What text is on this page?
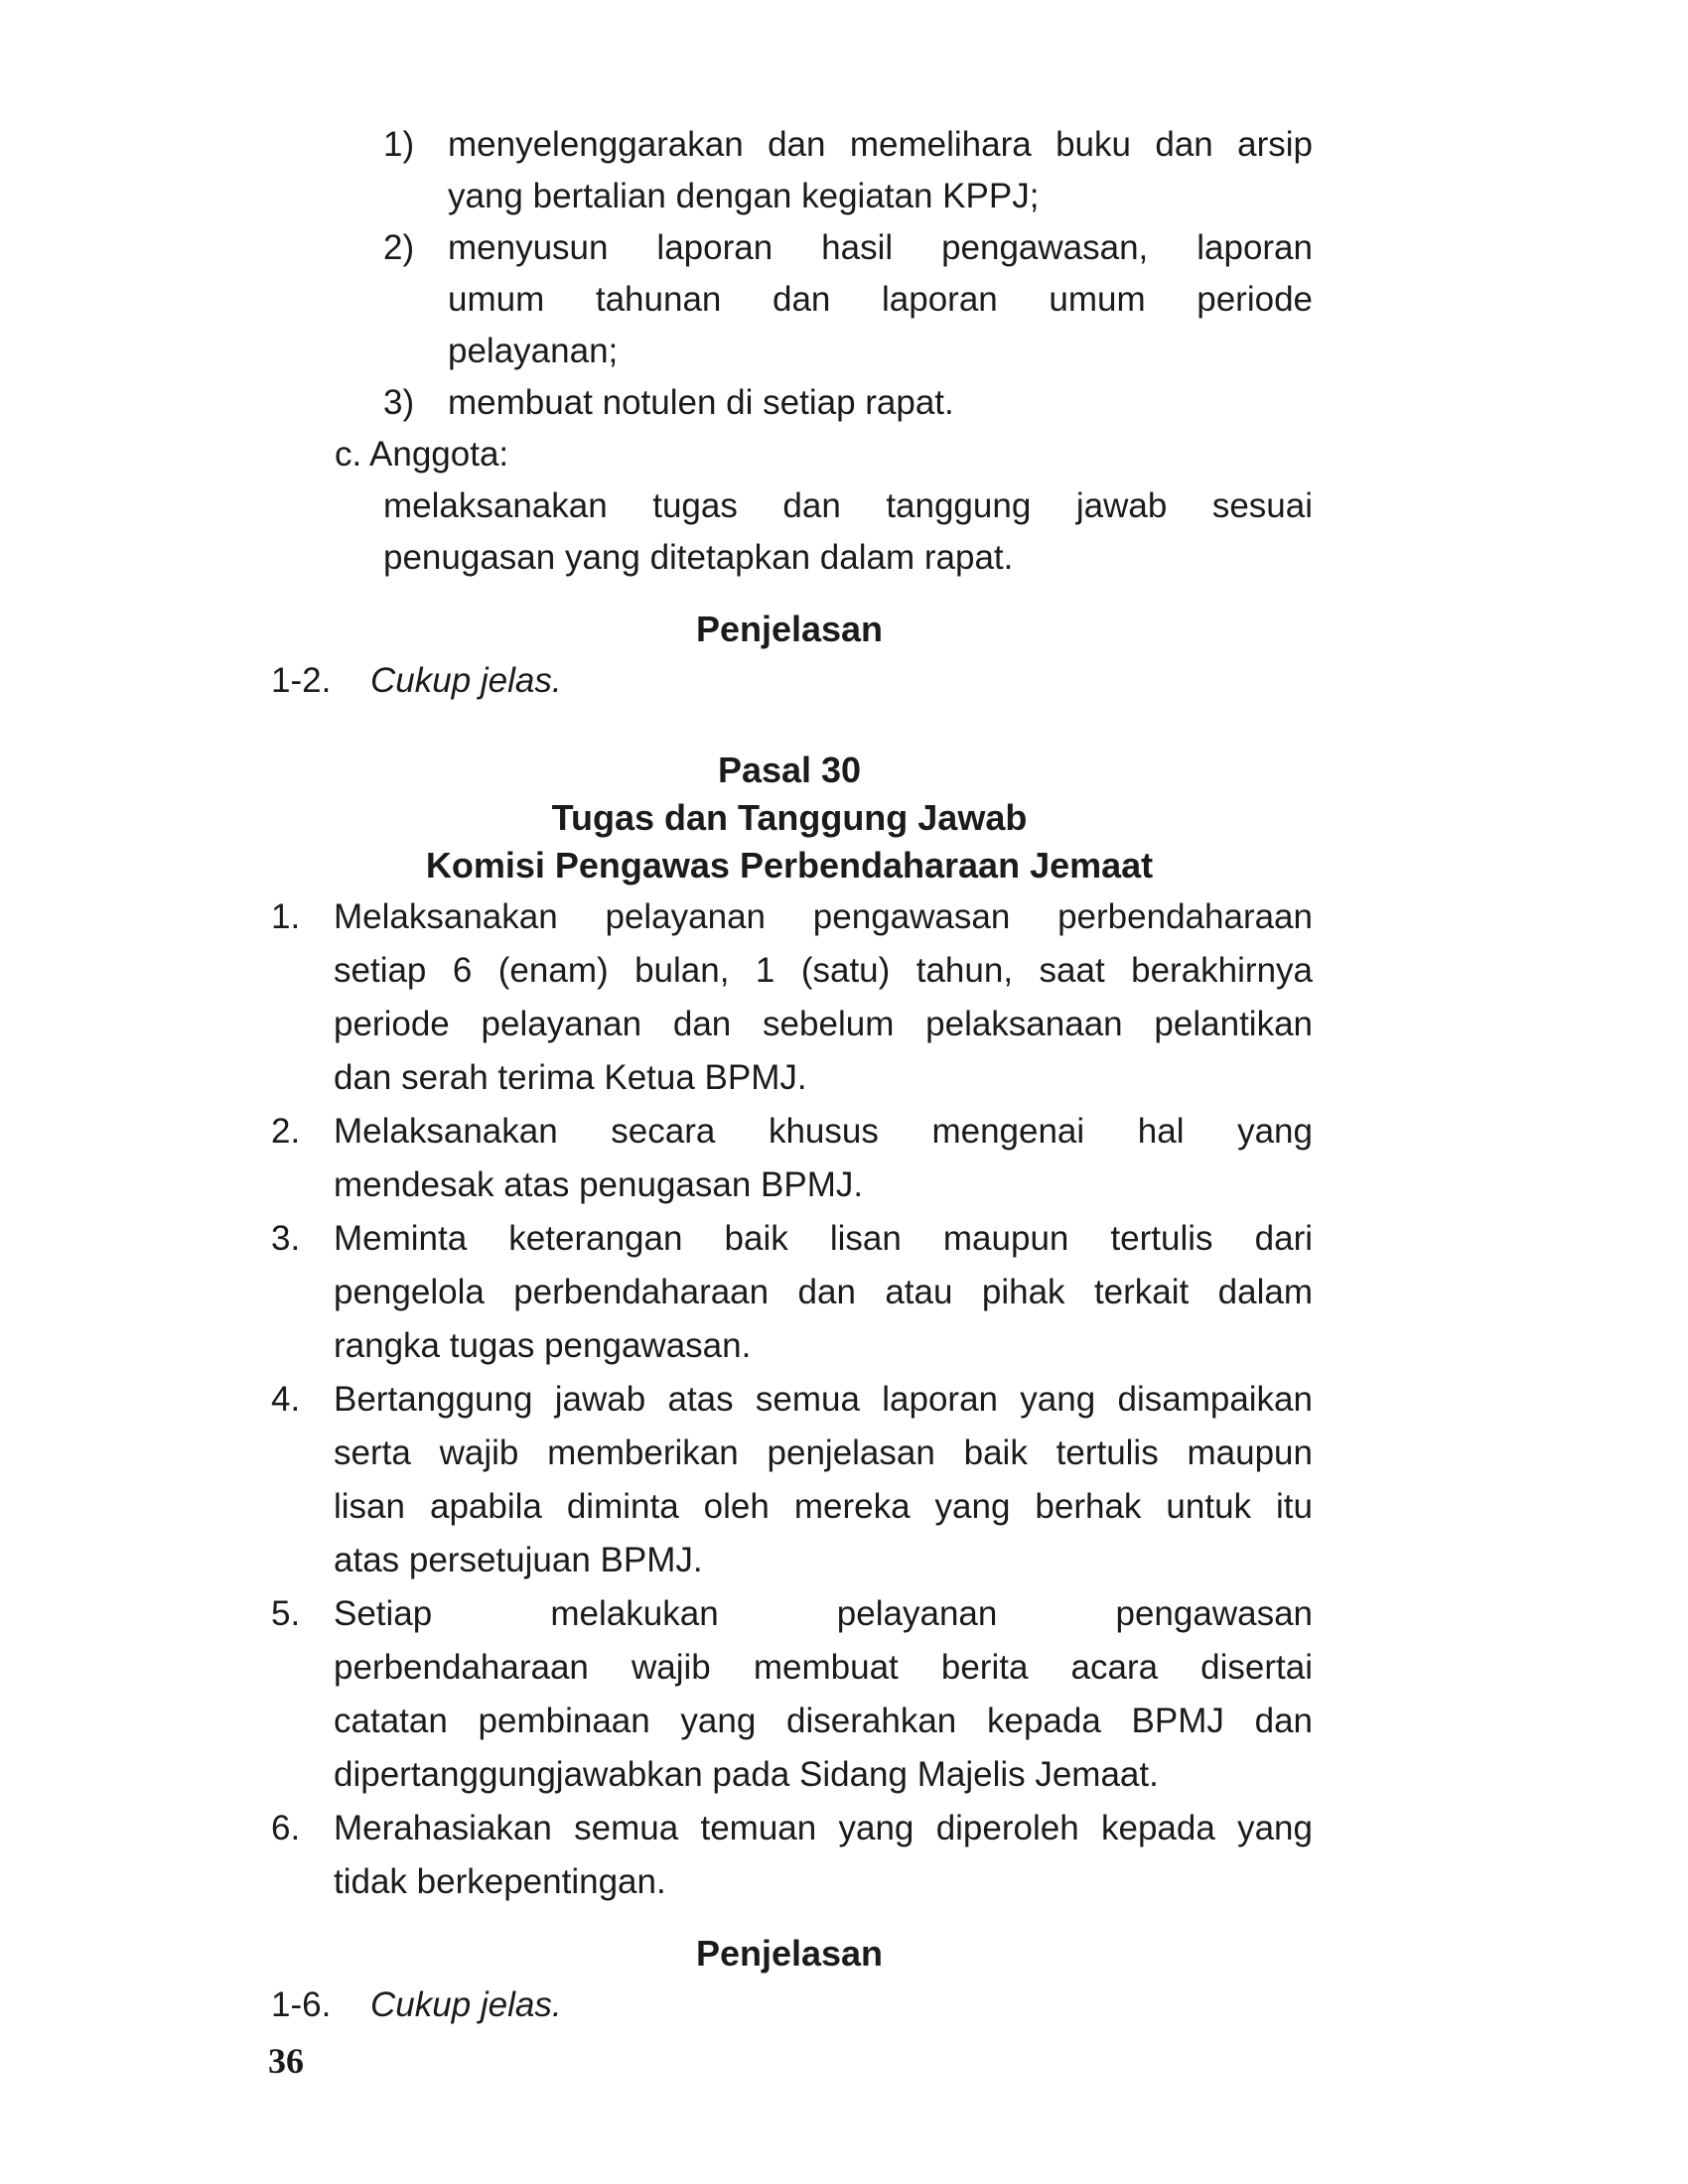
1) menyelenggarakan dan memelihara buku dan arsip
yang bertalian dengan kegiatan KPPJ;
2) menyusun laporan hasil pengawasan, laporan
umum tahunan dan laporan umum periode
pelayanan;
3) membuat notulen di setiap rapat.
c. Anggota:
melaksanakan tugas dan tanggung jawab sesuai
penugasan yang ditetapkan dalam rapat.
Penjelasan
1-2. Cukup jelas.
Pasal 30
Tugas dan Tanggung Jawab
Komisi Pengawas Perbendaharaan Jemaat
1. Melaksanakan pelayanan pengawasan perbendaharaan
setiap 6 (enam) bulan, 1 (satu) tahun, saat berakhirnya
periode pelayanan dan sebelum pelaksanaan pelantikan
dan serah terima Ketua BPMJ.
2. Melaksanakan secara khusus mengenai hal yang
mendesak atas penugasan BPMJ.
3. Meminta keterangan baik lisan maupun tertulis dari
pengelola perbendaharaan dan atau pihak terkait dalam
rangka tugas pengawasan.
4. Bertanggung jawab atas semua laporan yang disampaikan
serta wajib memberikan penjelasan baik tertulis maupun
lisan apabila diminta oleh mereka yang berhak untuk itu
atas persetujuan BPMJ.
5. Setiap melakukan pelayanan pengawasan
perbendaharaan wajib membuat berita acara disertai
catatan pembinaan yang diserahkan kepada BPMJ dan
dipertanggungjawabkan pada Sidang Majelis Jemaat.
6. Merahasiakan semua temuan yang diperoleh kepada yang
tidak berkepentingan.
Penjelasan
1-6. Cukup jelas.
36
